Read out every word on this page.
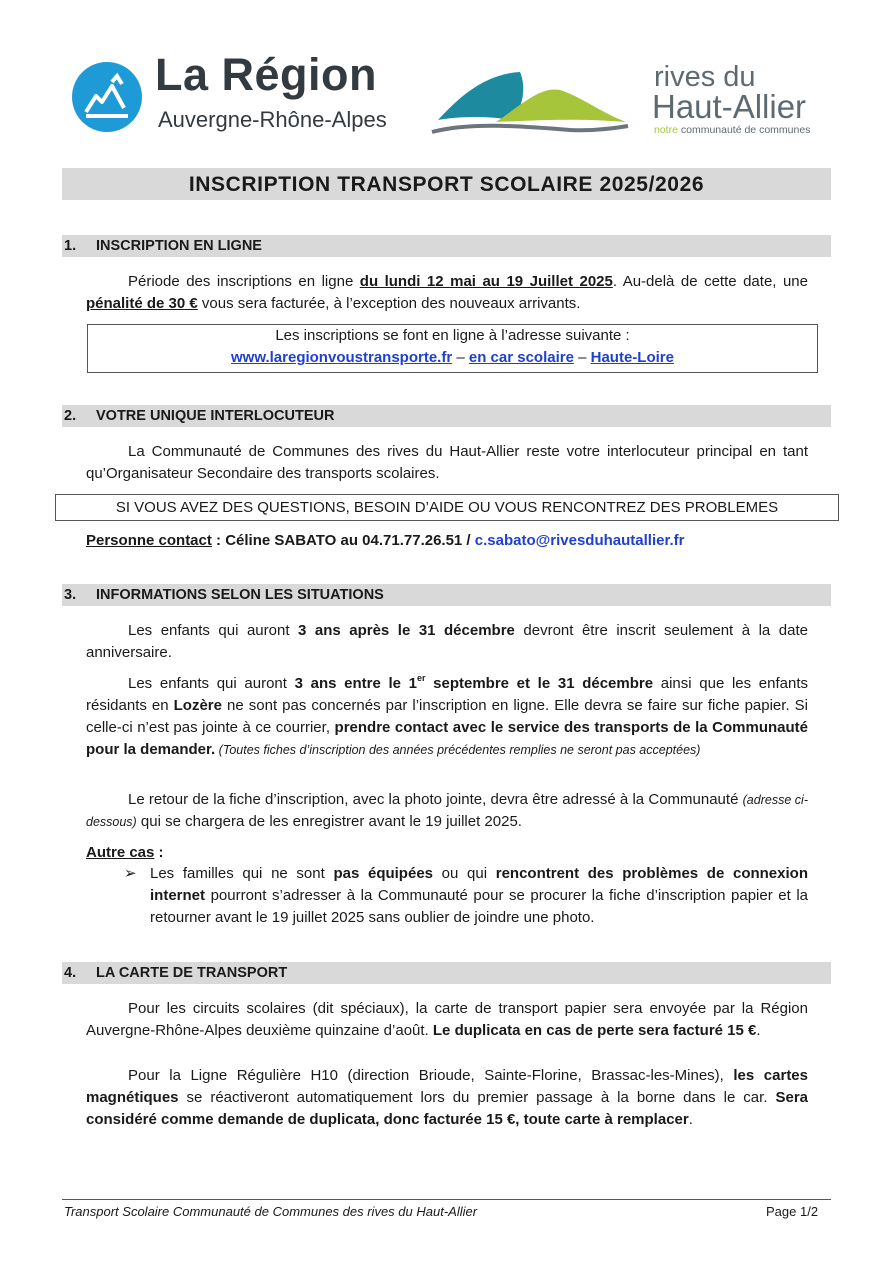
La Région
Auvergne-Rhône-Alpes
rives du
Haut-Allier
notre communauté de communes
INSCRIPTION TRANSPORT SCOLAIRE 2025/2026
1. INSCRIPTION EN LIGNE
Période des inscriptions en ligne du lundi 12 mai au 19 Juillet 2025. Au-delà de cette date, une pénalité de 30 € vous sera facturée, à l’exception des nouveaux arrivants.
Les inscriptions se font en ligne à l’adresse suivante :
www.laregionvoustransporte.fr – en car scolaire – Haute-Loire
2. VOTRE UNIQUE INTERLOCUTEUR
La Communauté de Communes des rives du Haut-Allier reste votre interlocuteur principal en tant qu’Organisateur Secondaire des transports scolaires.
SI VOUS AVEZ DES QUESTIONS, BESOIN D’AIDE OU VOUS RENCONTREZ DES PROBLEMES
Personne contact : Céline SABATO au 04.71.77.26.51 / c.sabato@rivesduhautallier.fr
3. INFORMATIONS SELON LES SITUATIONS
Les enfants qui auront 3 ans après le 31 décembre devront être inscrit seulement à la date anniversaire.
Les enfants qui auront 3 ans entre le 1er septembre et le 31 décembre ainsi que les enfants résidants en Lozère ne sont pas concernés par l’inscription en ligne. Elle devra se faire sur fiche papier. Si celle-ci n’est pas jointe à ce courrier, prendre contact avec le service des transports de la Communauté pour la demander. (Toutes fiches d’inscription des années précédentes remplies ne seront pas acceptées)
Le retour de la fiche d’inscription, avec la photo jointe, devra être adressé à la Communauté (adresse ci-dessous) qui se chargera de les enregistrer avant le 19 juillet 2025.
Autre cas :
➢ Les familles qui ne sont pas équipées ou qui rencontrent des problèmes de connexion internet pourront s’adresser à la Communauté pour se procurer la fiche d’inscription papier et la retourner avant le 19 juillet 2025 sans oublier de joindre une photo.
4. LA CARTE DE TRANSPORT
Pour les circuits scolaires (dit spéciaux), la carte de transport papier sera envoyée par la Région Auvergne-Rhône-Alpes deuxième quinzaine d’août. Le duplicata en cas de perte sera facturé 15 €.
Pour la Ligne Régulière H10 (direction Brioude, Sainte-Florine, Brassac-les-Mines), les cartes magnétiques se réactiveront automatiquement lors du premier passage à la borne dans le car. Sera considéré comme demande de duplicata, donc facturée 15 €, toute carte à remplacer.
Transport Scolaire Communauté de Communes des rives du Haut-Allier	Page 1/2
